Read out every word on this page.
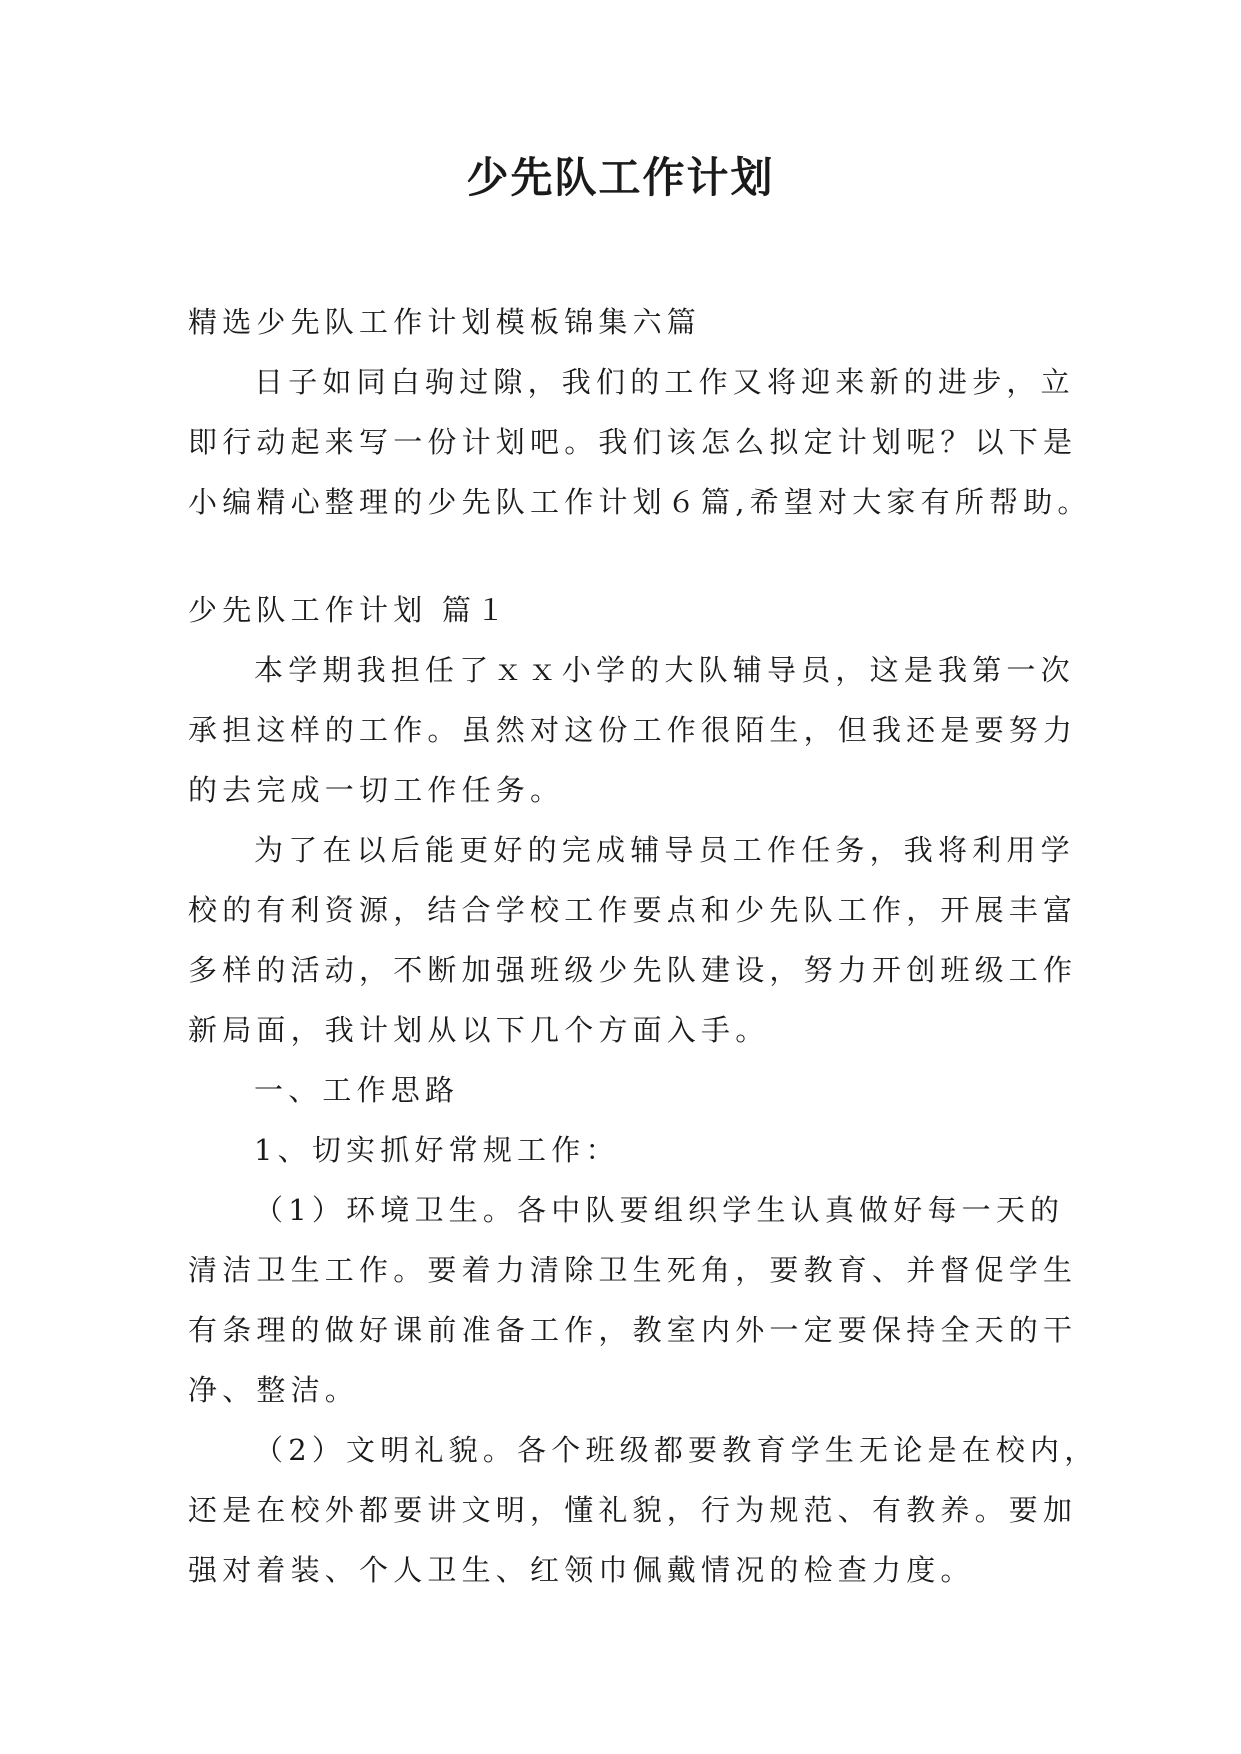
少先队工作计划

精选少先队工作计划模板锦集六篇

日子如同白驹过隙，我们的工作又将迎来新的进步，立

即行动起来写一份计划吧。我们该怎么拟定计划呢？以下是

小编精心整理的少先队工作计划６篇,希望对大家有所帮助。

少先队工作计划 篇１

本学期我担任了ｘｘ小学的大队辅导员，这是我第一次

承担这样的工作。虽然对这份工作很陌生，但我还是要努力

的去完成一切工作任务。

为了在以后能更好的完成辅导员工作任务，我将利用学

校的有利资源，结合学校工作要点和少先队工作，开展丰富

多样的活动，不断加强班级少先队建设，努力开创班级工作

新局面，我计划从以下几个方面入手。

一、工作思路

1、切实抓好常规工作：

（1）环境卫生。各中队要组织学生认真做好每一天的

清洁卫生工作。要着力清除卫生死角，要教育、并督促学生

有条理的做好课前准备工作，教室内外一定要保持全天的干

净、整洁。

（2）文明礼貌。各个班级都要教育学生无论是在校内，

还是在校外都要讲文明，懂礼貌，行为规范、有教养。要加

强对着装、个人卫生、红领巾佩戴情况的检查力度。
